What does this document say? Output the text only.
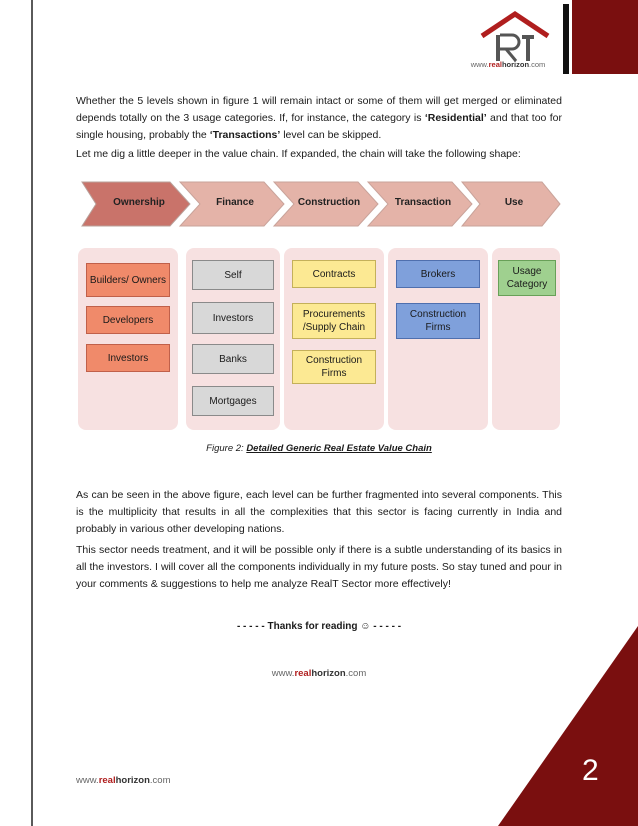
www.realhorizon.com
Whether the 5 levels shown in figure 1 will remain intact or some of them will get merged or eliminated depends totally on the 3 usage categories. If, for instance, the category is ‘Residential’ and that too for single housing, probably the ‘Transactions’ level can be skipped.
Let me dig a little deeper in the value chain. If expanded, the chain will take the following shape:
Ownership	Finance	Construction	Transaction	Use
Builders/ Owners
Developers
Investors
Self
Investors
Banks
Mortgages
Contracts
Procurements /Supply Chain
Construction Firms
Brokers
Construction Firms
Usage Category
Figure 2: Detailed Generic Real Estate Value Chain
As can be seen in the above figure, each level can be further fragmented into several components. This is the multiplicity that results in all the complexities that this sector is facing currently in India and probably in various other developing nations.
This sector needs treatment, and it will be possible only if there is a subtle understanding of its basics in all the investors. I will cover all the components individually in my future posts. So stay tuned and pour in your comments & suggestions to help me analyze RealT Sector more effectively!
- - - - - Thanks for reading ☺ - - - - -
www.realhorizon.com
2
www.realhorizon.com
